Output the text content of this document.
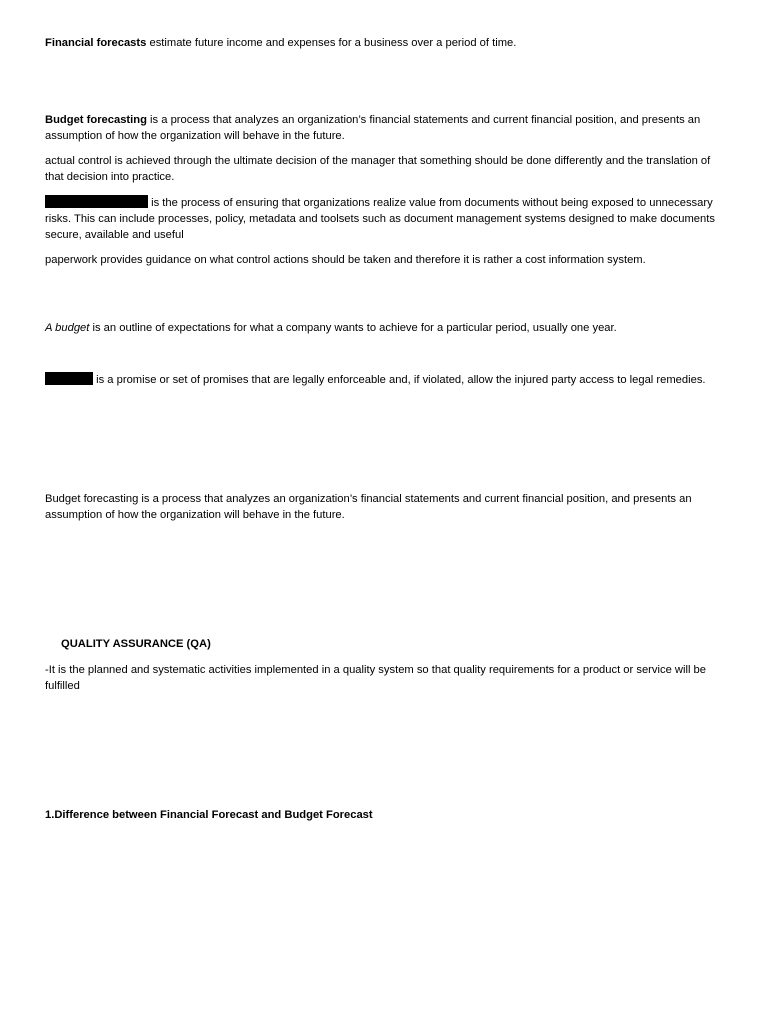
Financial forecasts estimate future income and expenses for a business over a period of time.

Budget forecasting is a process that analyzes an organization’s financial statements and current financial position, and presents an assumption of how the organization will behave in the future.

actual control is achieved through the ultimate decision of the manager that something should be done differently and the translation of that decision into practice.

is the process of ensuring that organizations realize value from documents without being exposed to unnecessary risks. This can include processes, policy, metadata and toolsets such as document management systems designed to make documents secure, available and useful

paperwork provides guidance on what control actions should be taken and therefore it is rather a cost information system.

A budget is an outline of expectations for what a company wants to achieve for a particular period, usually one year.

is a promise or set of promises that are legally enforceable and, if violated, allow the injured party access to legal remedies.

Budget forecasting is a process that analyzes an organization’s financial statements and current financial position, and presents an assumption of how the organization will behave in the future.

QUALITY ASSURANCE (QA)

-It is the planned and systematic activities implemented in a quality system so that quality requirements for a product or service will be fulfilled

1.Difference between Financial Forecast and Budget Forecast
